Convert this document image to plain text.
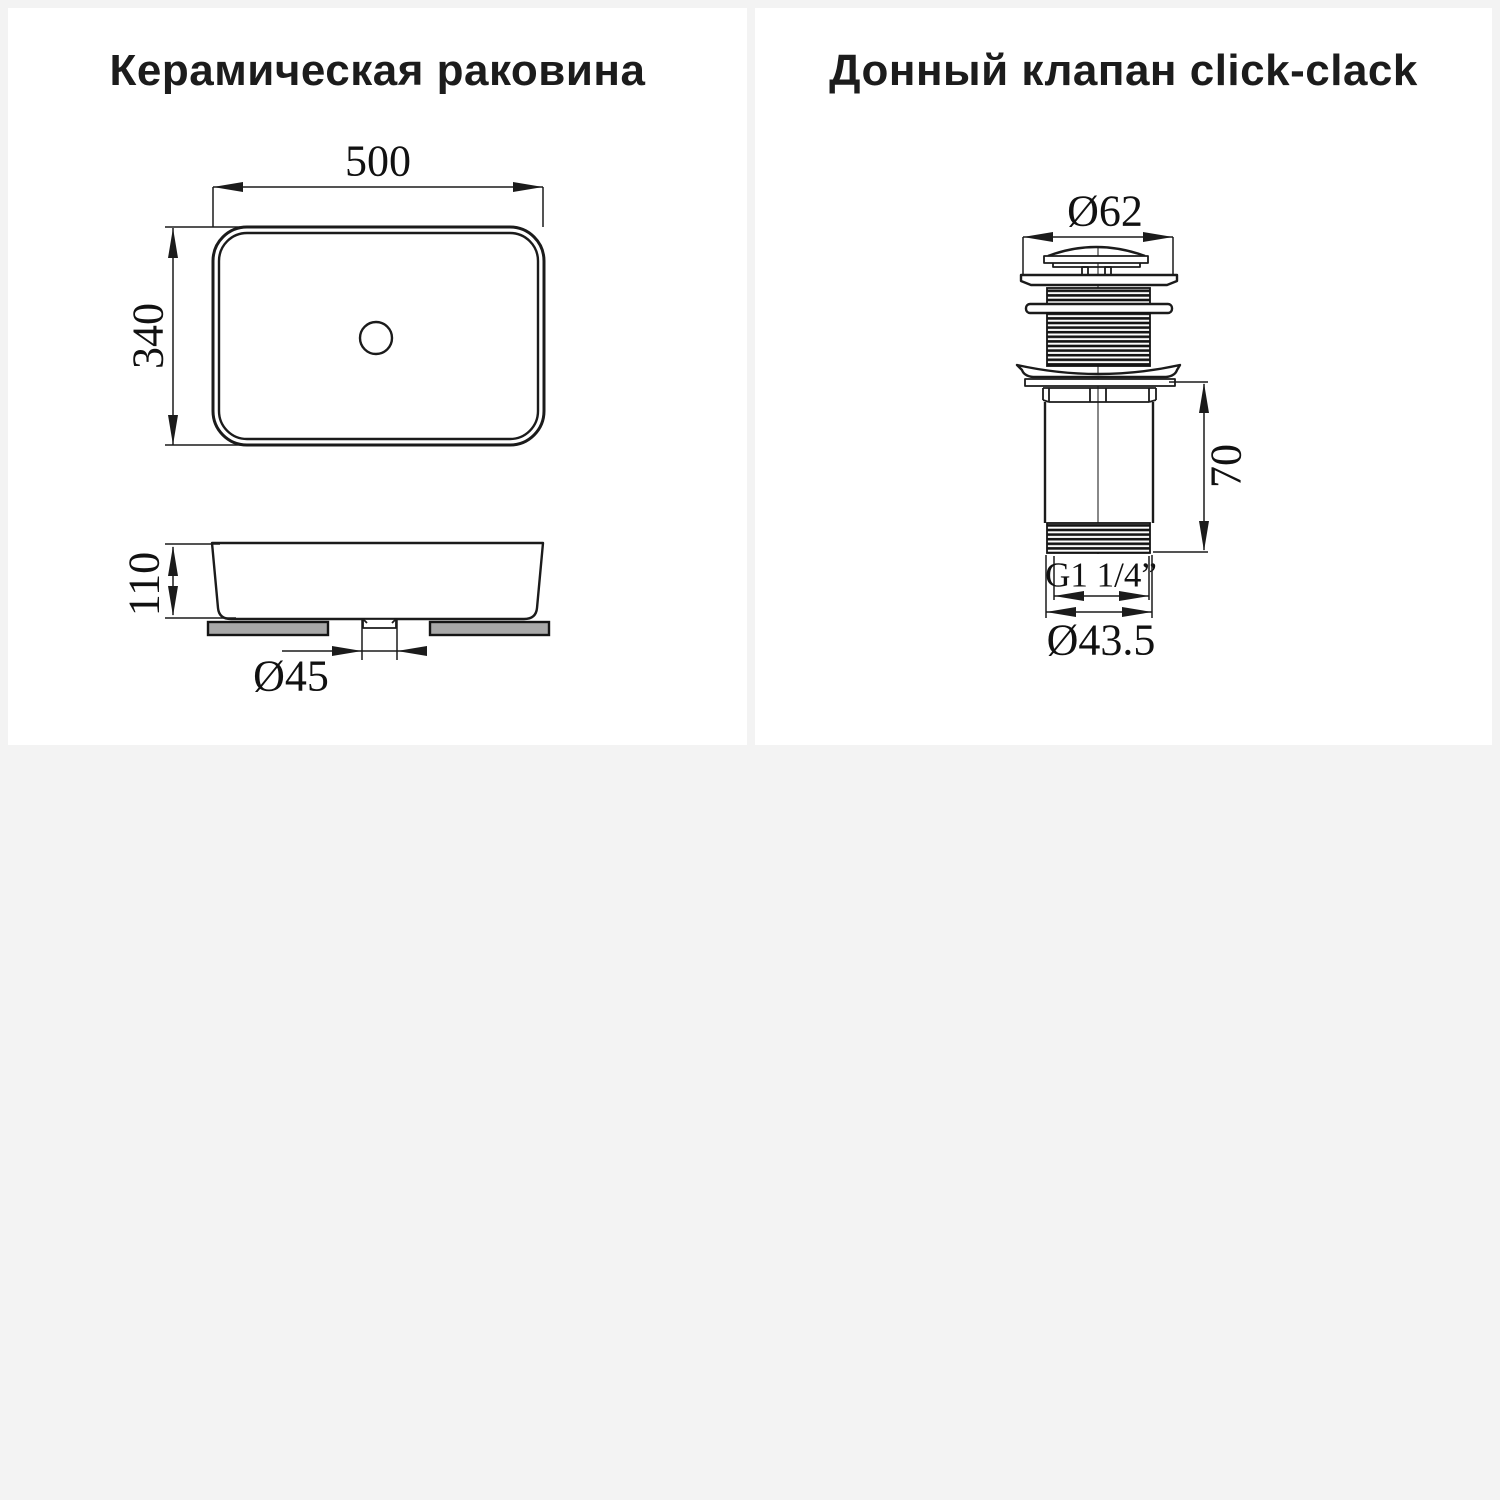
Керамическая раковина
500
340
110
Ø45
Донный клапан click-clack
Ø62
70
G1 1/4”
Ø43.5
